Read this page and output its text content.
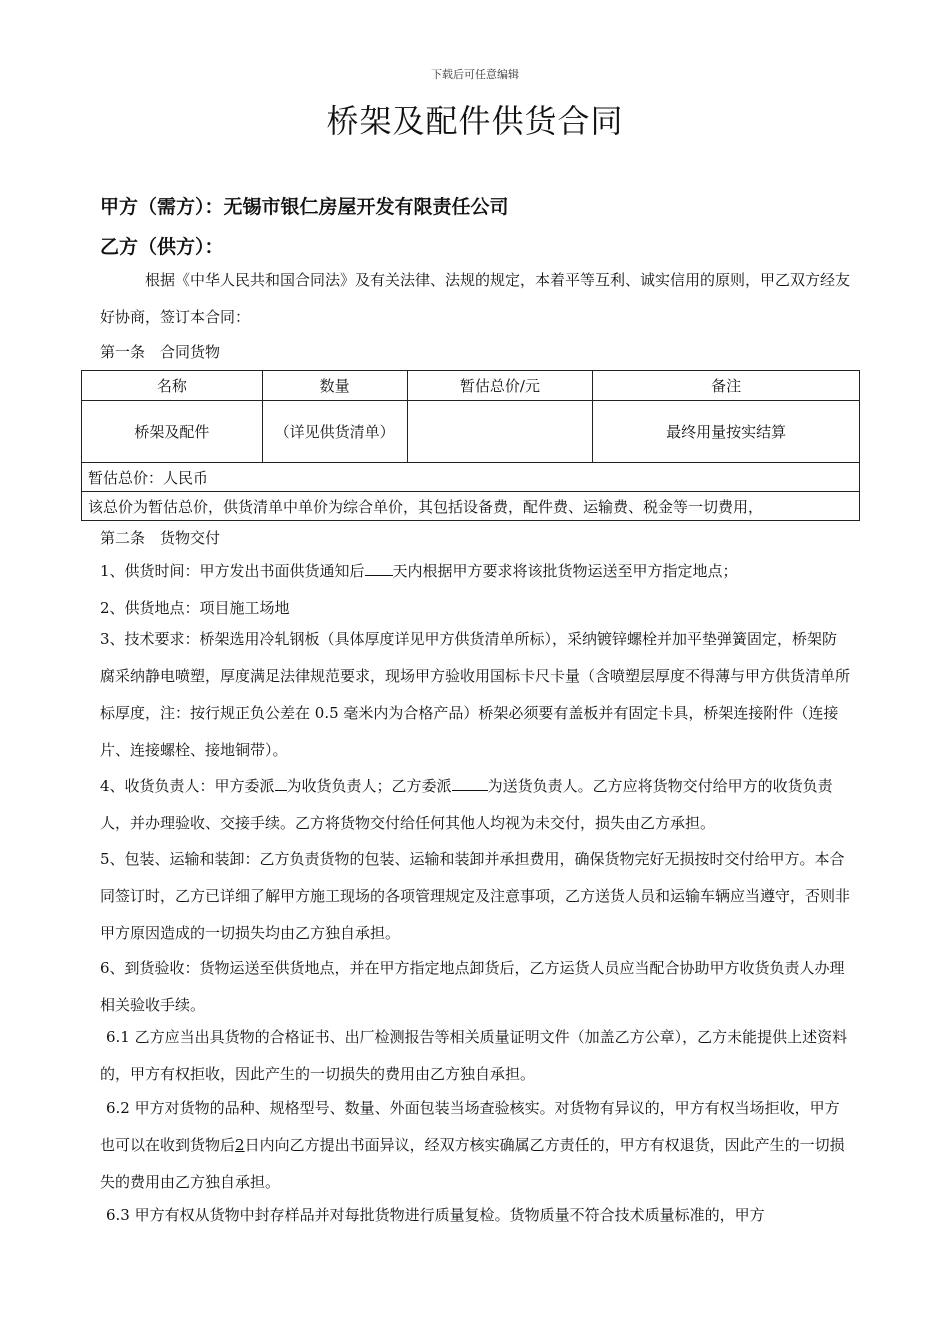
下载后可任意编辑
桥架及配件供货合同
甲方（需方）：无锡市银仁房屋开发有限责任公司
乙方（供方）：
根据《中华人民共和国合同法》及有关法律、法规的规定，本着平等互利、诚实信用的原则，甲乙双方经友好协商，签订本合同：
第一条　合同货物
名称	数量	暂估总价/元	备注
桥架及配件	（详见供货清单）		最终用量按实结算
暂估总价：人民币			
该总价为暂估总价，供货清单中单价为综合单价，其包括设备费，配件费、运输费、税金等一切费用，			
第二条　货物交付
1、供货时间：甲方发出书面供货通知后 天内根据甲方要求将该批货物运送至甲方指定地点；
2、供货地点：项目施工场地
3、技术要求：桥架选用冷轧钢板（具体厚度详见甲方供货清单所标），采纳镀锌螺栓并加平垫弹簧固定，桥架防腐采纳静电喷塑，厚度满足法律规范要求，现场甲方验收用国标卡尺卡量（含喷塑层厚度不得薄与甲方供货清单所标厚度，注：按行规正负公差在 0.5 毫米内为合格产品）桥架必须要有盖板并有固定卡具，桥架连接附件（连接片、连接螺栓、接地铜带）。
4、收货负责人：甲方委派 为收货负责人；乙方委派 为送货负责人。乙方应将货物交付给甲方的收货负责人，并办理验收、交接手续。乙方将货物交付给任何其他人均视为未交付，损失由乙方承担。
5、包装、运输和装卸：乙方负责货物的包装、运输和装卸并承担费用，确保货物完好无损按时交付给甲方。本合同签订时，乙方已详细了解甲方施工现场的各项管理规定及注意事项，乙方送货人员和运输车辆应当遵守，否则非甲方原因造成的一切损失均由乙方独自承担。
6、到货验收：货物运送至供货地点，并在甲方指定地点卸货后，乙方运货人员应当配合协助甲方收货负责人办理相关验收手续。
6.1 乙方应当出具货物的合格证书、出厂检测报告等相关质量证明文件（加盖乙方公章），乙方未能提供上述资料的，甲方有权拒收，因此产生的一切损失的费用由乙方独自承担。
6.2 甲方对货物的品种、规格型号、数量、外面包装当场查验核实。对货物有异议的，甲方有权当场拒收，甲方也可以在收到货物后2日内向乙方提出书面异议，经双方核实确属乙方责任的，甲方有权退货，因此产生的一切损失的费用由乙方独自承担。
6.3 甲方有权从货物中封存样品并对每批货物进行质量复检。货物质量不符合技术质量标准的，甲方
